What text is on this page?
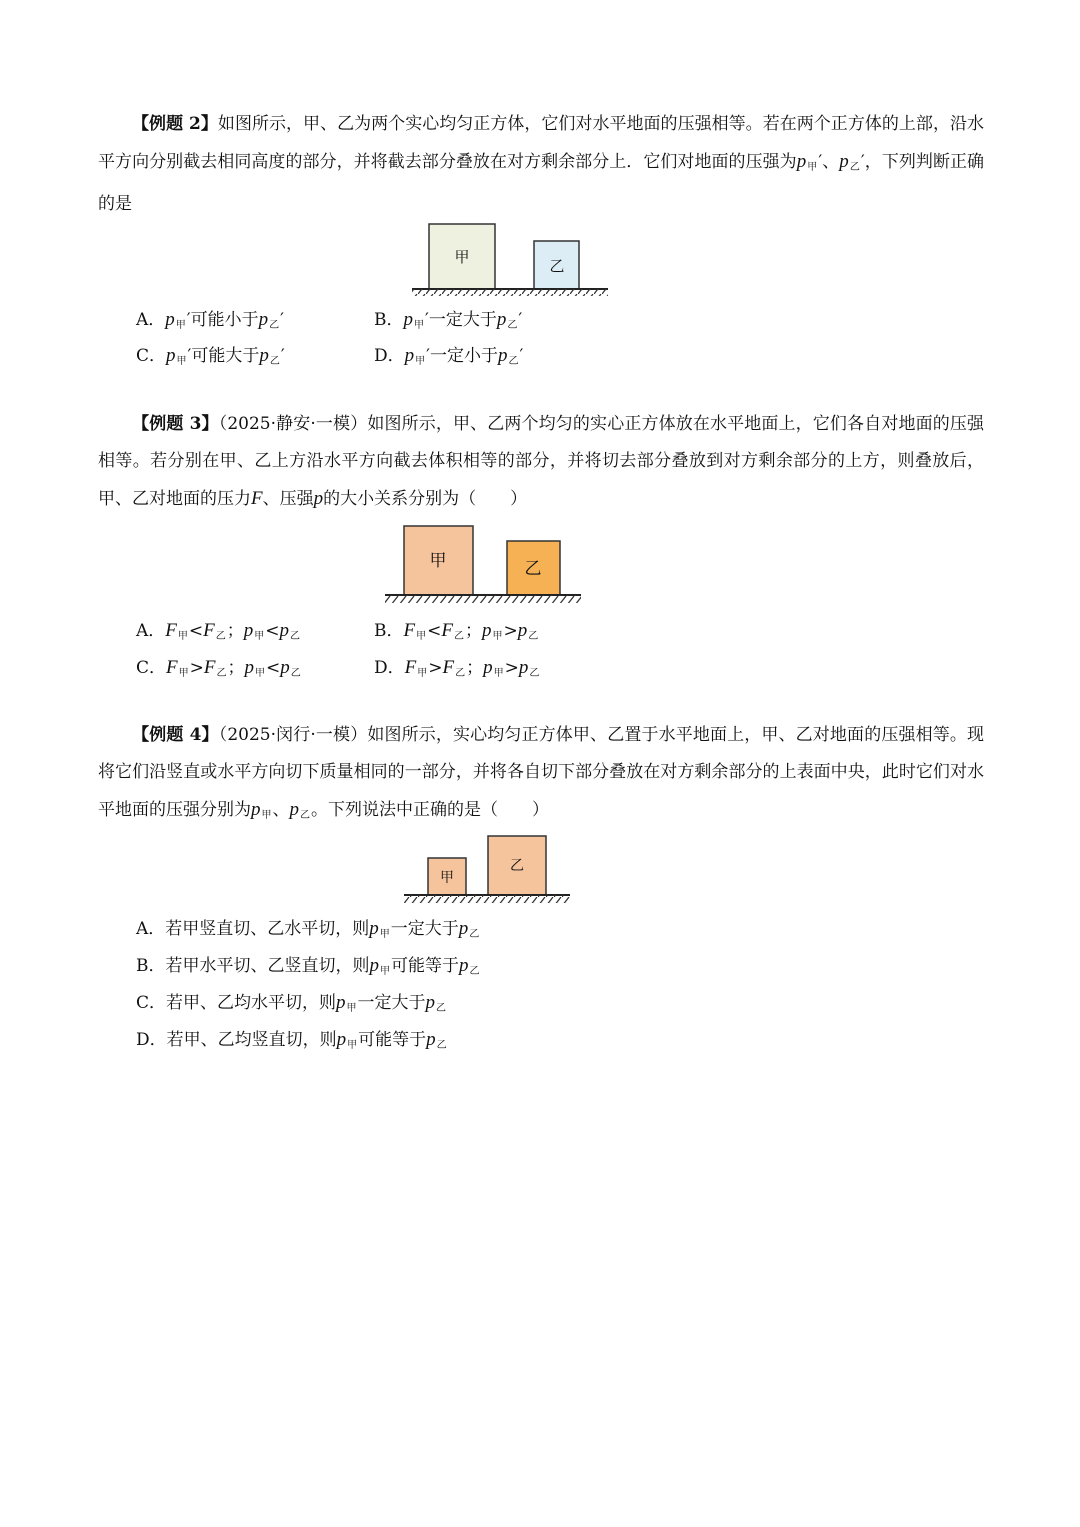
【例题 2】如图所示，甲、乙为两个实心均匀正方体，它们对水平地面的压强相等。若在两个正方体的上部，沿水平方向分别截去相同高度的部分，并将截去部分叠放在对方剩余部分上．它们对地面的压强为$p_甲'$、$p_乙'$，下列判断正确的是
甲	乙
A．$p_甲'$可能小于$p_乙'$	B．$p_甲'$一定大于$p_乙'$
C．$p_甲'$可能大于$p_乙'$	D．$p_甲'$一定小于$p_乙'$
【例题 3】（2025·静安·一模）如图所示，甲、乙两个均匀的实心正方体放在水平地面上，它们各自对地面的压强相等。若分别在甲、乙上方沿水平方向截去体积相等的部分，并将切去部分叠放到对方剩余部分的上方，则叠放后，甲、乙对地面的压力F、压强p的大小关系分别为（　　）
甲	乙
A．$F_甲<F_乙$；$p_甲<p_乙$	B．$F_甲<F_乙$；$p_甲>p_乙$
C．$F_甲>F_乙$；$p_甲<p_乙$	D．$F_甲>F_乙$；$p_甲>p_乙$
【例题 4】（2025·闵行·一模）如图所示，实心均匀正方体甲、乙置于水平地面上，甲、乙对地面的压强相等。现将它们沿竖直或水平方向切下质量相同的一部分，并将各自切下部分叠放在对方剩余部分的上表面中央，此时它们对水平地面的压强分别为$p_甲$、$p_乙$。下列说法中正确的是（　　）
甲
乙
A．若甲竖直切、乙水平切，则$p_甲$一定大于$p_乙$
B．若甲水平切、乙竖直切，则$p_甲$可能等于$p_乙$
C．若甲、乙均水平切，则$p_甲$一定大于$p_乙$
D．若甲、乙均竖直切，则$p_甲$可能等于$p_乙$
